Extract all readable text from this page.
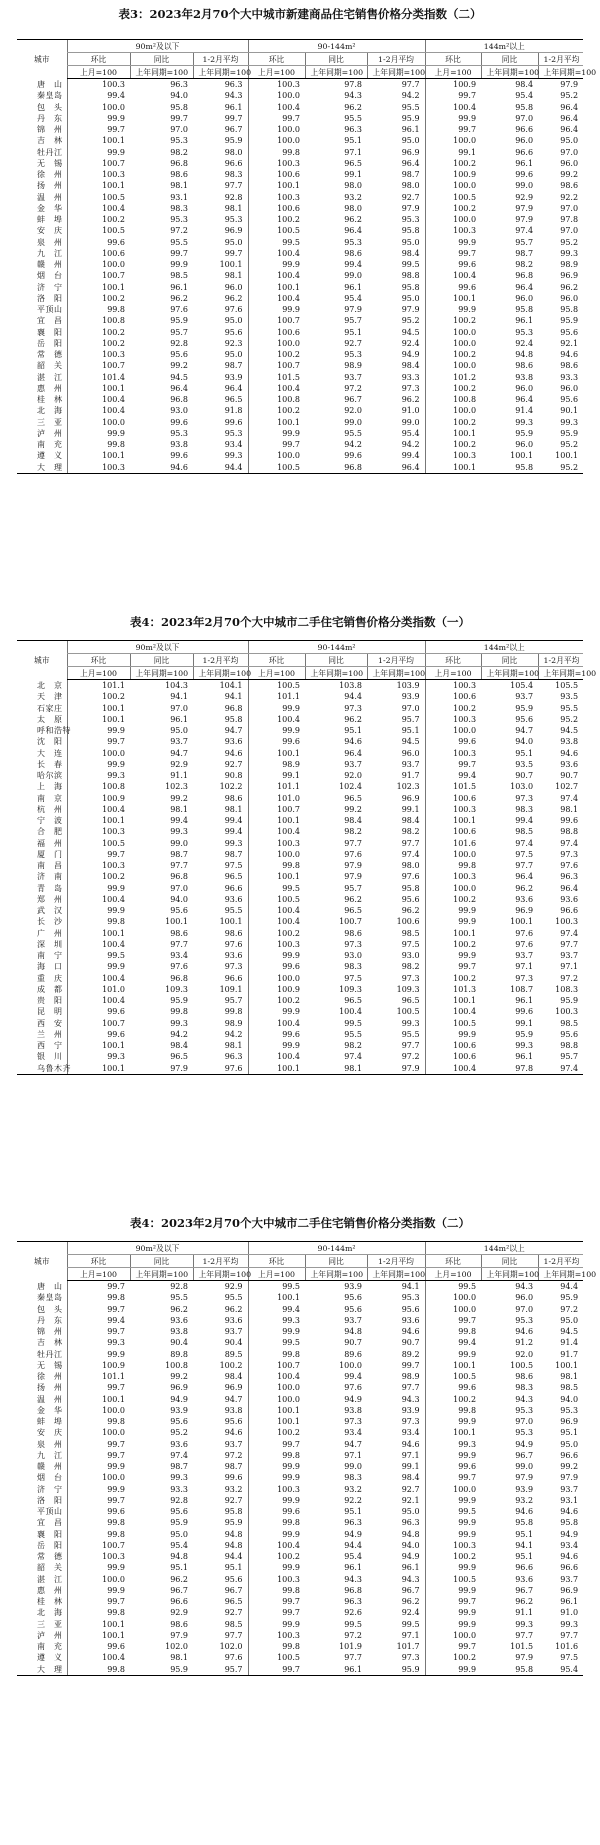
表3：2023年2月70个大中城市新建商品住宅销售价格分类指数（二）
城市	90m²及以下			90-144m²			144m²以上		
	环比	同比	1-2月平均	环比	同比	1-2月平均	环比	同比	1-2月平均
	上月=100	上年同期=100	上年同期=100	上月=100	上年同期=100	上年同期=100	上月=100	上年同期=100	上年同期=100
唐　山	100.3	96.3	96.3	100.3	97.8	97.7	100.9	98.4	97.9
秦皇岛	99.4	94.0	94.3	100.0	94.3	94.2	99.7	95.4	95.2
包　头	100.0	95.8	96.1	100.4	96.2	95.5	100.4	95.8	96.4
丹　东	99.9	99.7	99.7	99.7	95.5	95.9	99.9	97.0	96.4
锦　州	99.7	97.0	96.7	100.0	96.3	96.1	99.7	96.6	96.4
吉　林	100.1	95.3	95.9	100.0	95.1	95.0	100.0	96.0	95.0
牡丹江	99.9	98.2	98.0	99.8	97.1	96.9	99.1	96.6	97.0
无　锡	100.7	96.8	96.6	100.3	96.5	96.4	100.2	96.1	96.0
徐　州	100.3	98.6	98.3	100.6	99.1	98.7	100.9	99.6	99.2
扬　州	100.1	98.1	97.7	100.1	98.0	98.0	100.0	99.0	98.6
温　州	100.5	93.1	92.8	100.3	93.2	92.7	100.5	92.9	92.2
金　华	100.4	98.3	98.1	100.6	98.0	97.9	100.2	97.9	97.0
蚌　埠	100.2	95.3	95.3	100.2	96.2	95.3	100.0	97.9	97.8
安　庆	100.5	97.2	96.9	100.5	96.4	95.8	100.3	97.4	97.0
泉　州	99.6	95.5	95.0	99.5	95.3	95.0	99.9	95.7	95.2
九　江	100.6	99.7	99.7	100.4	98.6	98.4	99.7	98.7	99.3
赣　州	100.0	99.9	100.1	99.9	99.4	99.5	99.6	98.2	98.9
烟　台	100.7	98.5	98.1	100.4	99.0	98.8	100.4	96.8	96.9
济　宁	100.1	96.1	96.0	100.1	96.1	95.8	99.6	96.4	96.2
洛　阳	100.2	96.2	96.2	100.4	95.4	95.0	100.1	96.0	96.0
平顶山	99.8	97.6	97.6	99.9	97.9	97.9	99.9	95.8	95.8
宜　昌	100.8	95.9	95.0	100.7	95.7	95.2	100.2	96.1	95.9
襄　阳	100.2	95.7	95.6	100.6	95.1	94.5	100.0	95.3	95.6
岳　阳	100.2	92.8	92.3	100.0	92.7	92.4	100.0	92.4	92.1
常　德	100.3	95.6	95.0	100.2	95.3	94.9	100.2	94.8	94.6
韶　关	100.7	99.2	98.7	100.7	98.9	98.4	100.0	98.6	98.6
湛　江	101.4	94.5	93.9	101.5	93.7	93.3	101.2	93.8	93.3
惠　州	100.1	96.4	96.4	100.4	97.2	97.3	100.2	96.0	96.0
桂　林	100.4	96.8	96.5	100.8	96.7	96.2	100.8	96.4	95.6
北　海	100.4	93.0	91.8	100.2	92.0	91.0	100.0	91.4	90.1
三　亚	100.0	99.6	99.6	100.1	99.0	99.0	100.2	99.3	99.3
泸　州	99.9	95.3	95.3	99.9	95.5	95.4	100.1	95.9	95.9
南　充	99.8	93.8	93.4	99.7	94.2	94.2	100.2	96.0	95.2
遵　义	100.1	99.6	99.3	100.0	99.6	99.4	100.3	100.1	100.1
大　理	100.3	94.6	94.4	100.5	96.8	96.4	100.1	95.8	95.2
表4：2023年2月70个大中城市二手住宅销售价格分类指数（一）
城市	90m²及以下			90-144m²			144m²以上		
	环比	同比	1-2月平均	环比	同比	1-2月平均	环比	同比	1-2月平均
	上月=100	上年同期=100	上年同期=100	上月=100	上年同期=100	上年同期=100	上月=100	上年同期=100	上年同期=100
北　京	101.1	104.3	104.1	100.5	103.8	103.9	100.3	105.4	105.5
天　津	100.2	94.1	94.1	101.1	94.4	93.9	100.6	93.7	93.5
石家庄	100.1	97.0	96.8	99.9	97.3	97.0	100.2	95.9	95.5
太　原	100.1	96.1	95.8	100.4	96.2	95.7	100.3	95.6	95.2
呼和浩特	99.9	95.0	94.7	99.9	95.1	95.1	100.0	94.7	94.5
沈　阳	99.7	93.7	93.6	99.6	94.6	94.5	99.6	94.0	93.8
大　连	100.0	94.7	94.6	100.1	96.4	96.0	100.3	95.1	94.6
长　春	99.9	92.9	92.7	98.9	93.7	93.7	99.7	93.5	93.6
哈尔滨	99.3	91.1	90.8	99.1	92.0	91.7	99.4	90.7	90.7
上　海	100.8	102.3	102.2	101.1	102.4	102.3	101.5	103.0	102.7
南　京	100.9	99.2	98.6	101.0	96.5	96.9	100.6	97.3	97.4
杭　州	100.4	98.1	98.1	100.7	99.2	99.1	100.3	98.3	98.1
宁　波	100.1	99.4	99.4	100.1	98.4	98.4	100.1	99.4	99.6
合　肥	100.3	99.3	99.4	100.4	98.2	98.2	100.6	98.5	98.8
福　州	100.5	99.0	99.3	100.3	97.7	97.7	101.6	97.4	97.4
厦　门	99.7	98.7	98.7	100.0	97.6	97.4	100.0	97.5	97.3
南　昌	100.3	97.7	97.5	99.8	97.9	98.0	99.8	97.7	97.6
济　南	100.2	96.8	96.5	100.1	97.9	97.6	100.3	96.4	96.3
青　岛	99.9	97.0	96.6	99.5	95.7	95.8	100.0	96.2	96.4
郑　州	100.4	94.0	93.6	100.5	96.2	95.6	100.2	93.6	93.6
武　汉	99.9	95.6	95.5	100.4	96.5	96.2	99.9	96.9	96.6
长　沙	99.8	100.1	100.1	100.4	100.7	100.6	99.9	100.1	100.3
广　州	100.1	98.6	98.6	100.2	98.6	98.5	100.1	97.6	97.4
深　圳	100.4	97.7	97.6	100.3	97.3	97.5	100.2	97.6	97.7
南　宁	99.5	93.4	93.6	99.9	93.0	93.0	99.9	93.7	93.7
海　口	99.9	97.6	97.3	99.6	98.3	98.2	99.7	97.1	97.1
重　庆	100.4	96.8	96.6	100.0	97.5	97.3	100.2	97.3	97.2
成　都	101.0	109.3	109.1	100.9	109.3	109.3	101.3	108.7	108.3
贵　阳	100.4	95.9	95.7	100.2	96.5	96.5	100.1	96.1	95.9
昆　明	99.6	99.8	99.8	99.9	100.4	100.5	100.4	99.6	100.3
西　安	100.7	99.3	98.9	100.4	99.5	99.3	100.5	99.1	98.5
兰　州	99.6	94.2	94.2	99.6	95.5	95.5	99.9	95.9	95.6
西　宁	100.1	98.4	98.1	99.9	98.2	97.7	100.6	99.3	98.8
银　川	99.3	96.5	96.3	100.4	97.4	97.2	100.6	96.1	95.7
乌鲁木齐	100.1	97.9	97.6	100.1	98.1	97.9	100.4	97.8	97.4
表4：2023年2月70个大中城市二手住宅销售价格分类指数（二）
城市	90m²及以下			90-144m²			144m²以上		
	环比	同比	1-2月平均	环比	同比	1-2月平均	环比	同比	1-2月平均
	上月=100	上年同期=100	上年同期=100	上月=100	上年同期=100	上年同期=100	上月=100	上年同期=100	上年同期=100
唐　山	99.7	92.8	92.9	99.5	93.9	94.1	99.5	94.3	94.4
秦皇岛	99.8	95.5	95.5	100.1	95.6	95.3	100.0	96.0	95.9
包　头	99.7	96.2	96.2	99.4	95.6	95.6	100.0	97.0	97.2
丹　东	99.4	93.6	93.6	99.3	93.7	93.6	99.7	95.3	95.0
锦　州	99.7	93.8	93.7	99.9	94.8	94.6	99.8	94.6	94.5
吉　林	99.3	90.4	90.4	99.5	90.7	90.7	99.4	91.2	91.4
牡丹江	99.9	89.8	89.5	99.8	89.6	89.2	99.9	92.0	91.7
无　锡	100.9	100.8	100.2	100.7	100.0	99.7	100.1	100.5	100.1
徐　州	101.1	99.2	98.4	100.4	99.4	98.9	100.5	98.6	98.1
扬　州	99.7	96.9	96.9	100.0	97.6	97.7	99.6	98.3	98.5
温　州	100.1	94.9	94.7	100.0	94.9	94.3	100.2	94.3	94.0
金　华	100.0	93.9	93.8	100.1	93.8	93.9	99.8	95.3	95.3
蚌　埠	99.8	95.6	95.6	100.1	97.3	97.3	99.9	97.0	96.9
安　庆	100.0	95.2	94.6	100.2	93.4	93.4	100.1	95.3	95.1
泉　州	99.7	93.6	93.7	99.7	94.7	94.6	99.3	94.9	95.0
九　江	99.7	97.4	97.2	99.8	97.1	97.1	99.9	96.7	96.6
赣　州	99.9	98.7	98.7	99.9	99.0	99.1	99.6	99.0	99.2
烟　台	100.0	99.3	99.6	99.9	98.3	98.4	99.7	97.9	97.9
济　宁	99.9	93.3	93.2	100.3	93.2	92.7	100.0	93.9	93.7
洛　阳	99.7	92.8	92.7	99.9	92.2	92.1	99.9	93.2	93.1
平顶山	99.6	95.6	95.8	99.6	95.1	95.0	99.5	94.6	94.6
宜　昌	99.8	95.9	95.9	99.8	96.3	96.3	99.9	95.8	95.8
襄　阳	99.8	95.0	94.8	99.9	94.9	94.8	99.9	95.1	94.9
岳　阳	100.7	95.4	94.8	100.4	94.4	94.0	100.3	94.1	93.4
常　德	100.3	94.8	94.4	100.2	95.4	94.9	100.2	95.1	94.6
韶　关	99.9	95.1	95.1	99.9	96.1	96.1	99.9	96.6	96.6
湛　江	100.0	96.2	95.6	100.3	94.3	94.3	100.5	93.6	93.7
惠　州	99.9	96.7	96.7	99.8	96.8	96.7	99.9	96.7	96.9
桂　林	99.7	96.6	96.5	99.7	96.3	96.2	99.7	96.2	96.1
北　海	99.8	92.9	92.7	99.7	92.6	92.4	99.9	91.1	91.0
三　亚	100.1	98.6	98.5	99.9	99.5	99.5	99.9	99.3	99.3
泸　州	100.1	97.9	97.7	100.3	97.2	97.1	100.0	97.7	97.7
南　充	99.6	102.0	102.0	99.8	101.9	101.7	99.7	101.5	101.6
遵　义	100.4	98.1	97.6	100.5	97.7	97.3	100.2	97.9	97.5
大　理	99.8	95.9	95.7	99.7	96.1	95.9	99.9	95.8	95.4
